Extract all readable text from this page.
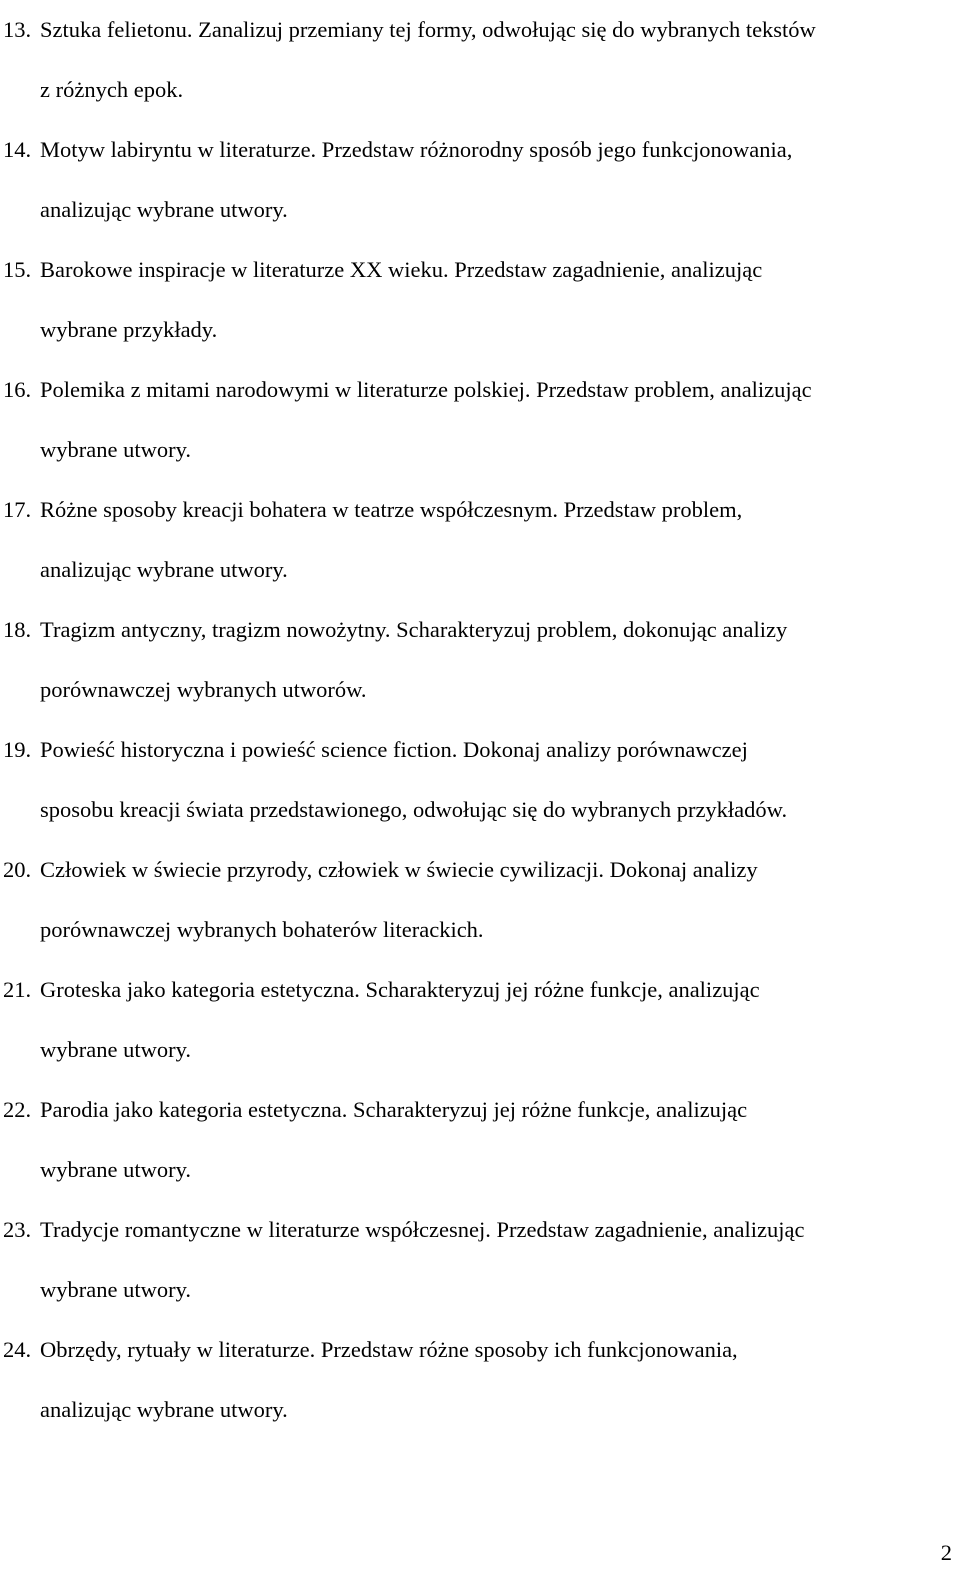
13. Sztuka felietonu. Zanalizuj przemiany tej formy, odwołując się do wybranych tekstów
z różnych epok.
14. Motyw labiryntu w literaturze. Przedstaw różnorodny sposób jego funkcjonowania,
analizując wybrane utwory.
15. Barokowe inspiracje w literaturze XX wieku. Przedstaw zagadnienie, analizując
wybrane przykłady.
16. Polemika z mitami narodowymi w literaturze polskiej. Przedstaw problem, analizując
wybrane utwory.
17. Różne sposoby kreacji bohatera w teatrze współczesnym. Przedstaw problem,
analizując wybrane utwory.
18. Tragizm antyczny, tragizm nowożytny. Scharakteryzuj problem, dokonując analizy
porównawczej wybranych utworów.
19. Powieść historyczna i powieść science fiction. Dokonaj analizy porównawczej
sposobu kreacji świata przedstawionego, odwołując się do wybranych przykładów.
20. Człowiek w świecie przyrody, człowiek w świecie cywilizacji. Dokonaj analizy
porównawczej wybranych bohaterów literackich.
21. Groteska jako kategoria estetyczna. Scharakteryzuj jej różne funkcje, analizując
wybrane utwory.
22. Parodia jako kategoria estetyczna. Scharakteryzuj jej różne funkcje, analizując
wybrane utwory.
23. Tradycje romantyczne w literaturze współczesnej. Przedstaw zagadnienie, analizując
wybrane utwory.
24. Obrzędy, rytuały w literaturze. Przedstaw różne sposoby ich funkcjonowania,
analizując wybrane utwory.
2
